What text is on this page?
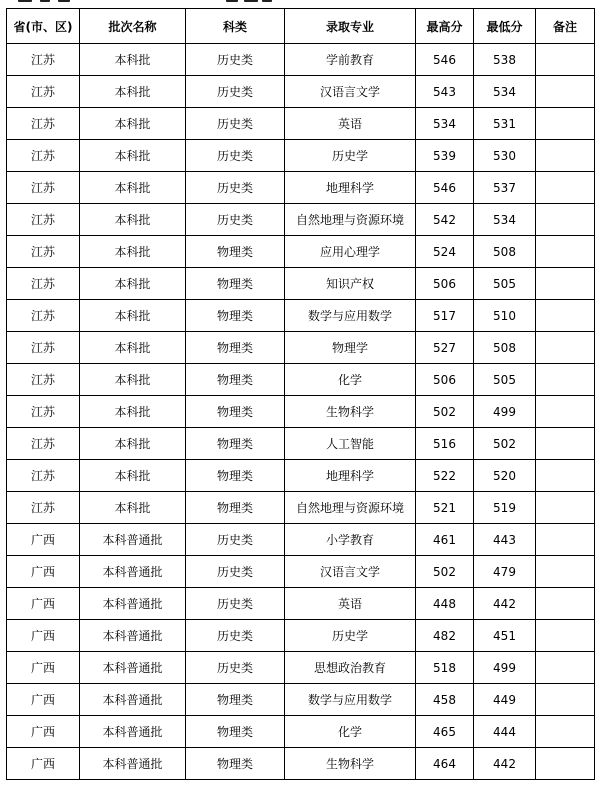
省(市、区)	批次名称	科类	录取专业	最高分	最低分	备注
江苏	本科批	历史类	学前教育	546	538	
江苏	本科批	历史类	汉语言文学	543	534	
江苏	本科批	历史类	英语	534	531	
江苏	本科批	历史类	历史学	539	530	
江苏	本科批	历史类	地理科学	546	537	
江苏	本科批	历史类	自然地理与资源环境	542	534	
江苏	本科批	物理类	应用心理学	524	508	
江苏	本科批	物理类	知识产权	506	505	
江苏	本科批	物理类	数学与应用数学	517	510	
江苏	本科批	物理类	物理学	527	508	
江苏	本科批	物理类	化学	506	505	
江苏	本科批	物理类	生物科学	502	499	
江苏	本科批	物理类	人工智能	516	502	
江苏	本科批	物理类	地理科学	522	520	
江苏	本科批	物理类	自然地理与资源环境	521	519	
广西	本科普通批	历史类	小学教育	461	443	
广西	本科普通批	历史类	汉语言文学	502	479	
广西	本科普通批	历史类	英语	448	442	
广西	本科普通批	历史类	历史学	482	451	
广西	本科普通批	历史类	思想政治教育	518	499	
广西	本科普通批	物理类	数学与应用数学	458	449	
广西	本科普通批	物理类	化学	465	444	
广西	本科普通批	物理类	生物科学	464	442	
